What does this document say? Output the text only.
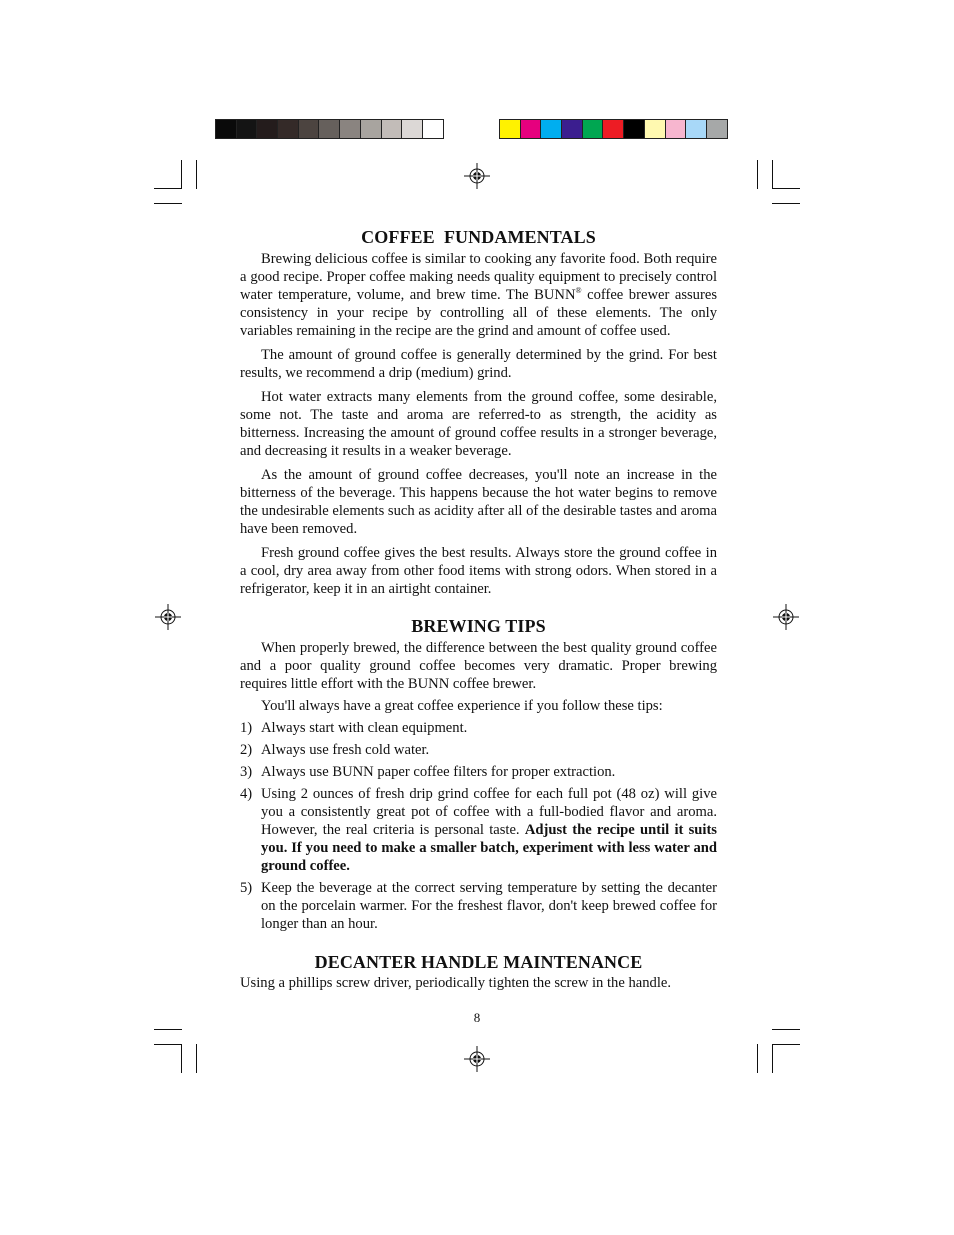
COFFEE  FUNDAMENTALS

Brewing delicious coffee is similar to cooking any favorite food. Both require a good recipe. Proper coffee making needs quality equipment to precisely control water temperature, volume, and brew time. The BUNN® coffee brewer assures consistency in your recipe by controlling all of these elements. The only variables remaining in the recipe are the grind and amount of coffee used.

The amount of ground coffee is generally determined by the grind. For best results, we recommend a drip (medium) grind.

Hot water extracts many elements from the ground coffee, some desirable, some not. The taste and aroma are referred-to as strength, the acidity as bitterness. Increasing the amount of ground coffee results in a stronger beverage, and decreasing it results in a weaker beverage.

As the amount of ground coffee decreases, you'll note an increase in the bitterness of the beverage. This happens because the hot water begins to remove the undesirable elements such as acidity after all of the desirable tastes and aroma have been removed.

Fresh ground coffee gives the best results. Always store the ground coffee in a cool, dry area away from other food items with strong odors. When stored in a refrigerator, keep it in an airtight container.

BREWING TIPS

When properly brewed, the difference between the best quality ground coffee and a poor quality ground coffee becomes very dramatic. Proper brewing requires little effort with the BUNN coffee brewer.

You'll always have a great coffee experience if you follow these tips:

1) Always start with clean equipment.
2) Always use fresh cold water.
3) Always use BUNN paper coffee filters for proper extraction.
4) Using 2 ounces of fresh drip grind coffee for each full pot (48 oz) will give you a consistently great pot of coffee with a full-bodied flavor and aroma. However, the real criteria is personal taste. Adjust the recipe until it suits you. If you need to make a smaller batch, experiment with less water and ground coffee.
5) Keep the beverage at the correct serving temperature by setting the decanter on the porcelain warmer. For the freshest flavor, don't keep brewed coffee for longer than an hour.
DECANTER HANDLE MAINTENANCE

Using a phillips screw driver, periodically tighten the screw in the handle.

8
